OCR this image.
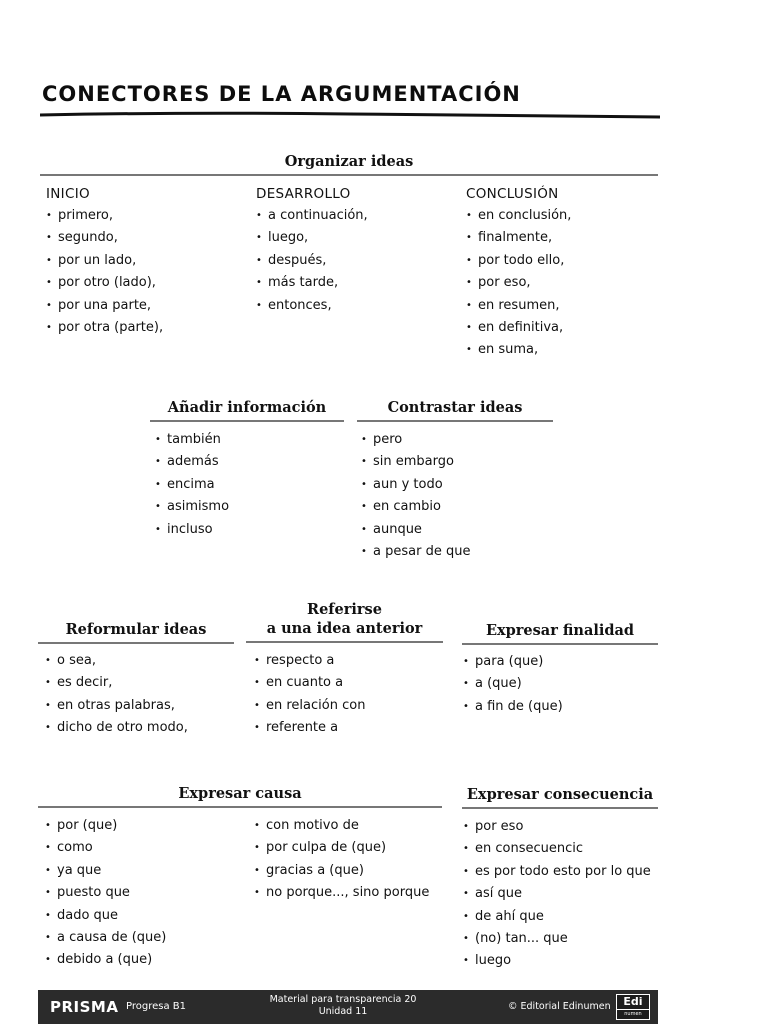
CONECTORES DE LA ARGUMENTACIÓN
Organizar ideas
INICIO
• primero,
• segundo,
• por un lado,
• por otro (lado),
• por una parte,
• por otra (parte),
DESARROLLO
• a continuación,
• luego,
• después,
• más tarde,
• entonces,
CONCLUSIÓN
• en conclusión,
• finalmente,
• por todo ello,
• por eso,
• en resumen,
• en definitiva,
• en suma,
Añadir información
• también
• además
• encima
• asimismo
• incluso
Contrastar ideas
• pero
• sin embargo
• aun y todo
• en cambio
• aunque
• a pesar de que
Reformular ideas
• o sea,
• es decir,
• en otras palabras,
• dicho de otro modo,
Referirse
a una idea anterior
• respecto a
• en cuanto a
• en relación con
• referente a
Expresar finalidad
• para (que)
• a (que)
• a fin de (que)
Expresar causa
• por (que)
• como
• ya que
• puesto que
• dado que
• a causa de (que)
• debido a (que)
• con motivo de
• por culpa de (que)
• gracias a (que)
• no porque..., sino porque
Expresar consecuencia
• por eso
• en consecuencic
• es por todo esto por lo que
• así que
• de ahí que
• (no) tan... que
• luego
PRISMA Progresa B1
Material para transparencia 20
Unidad 11	© Editorial Edinumen	Edi
numen
